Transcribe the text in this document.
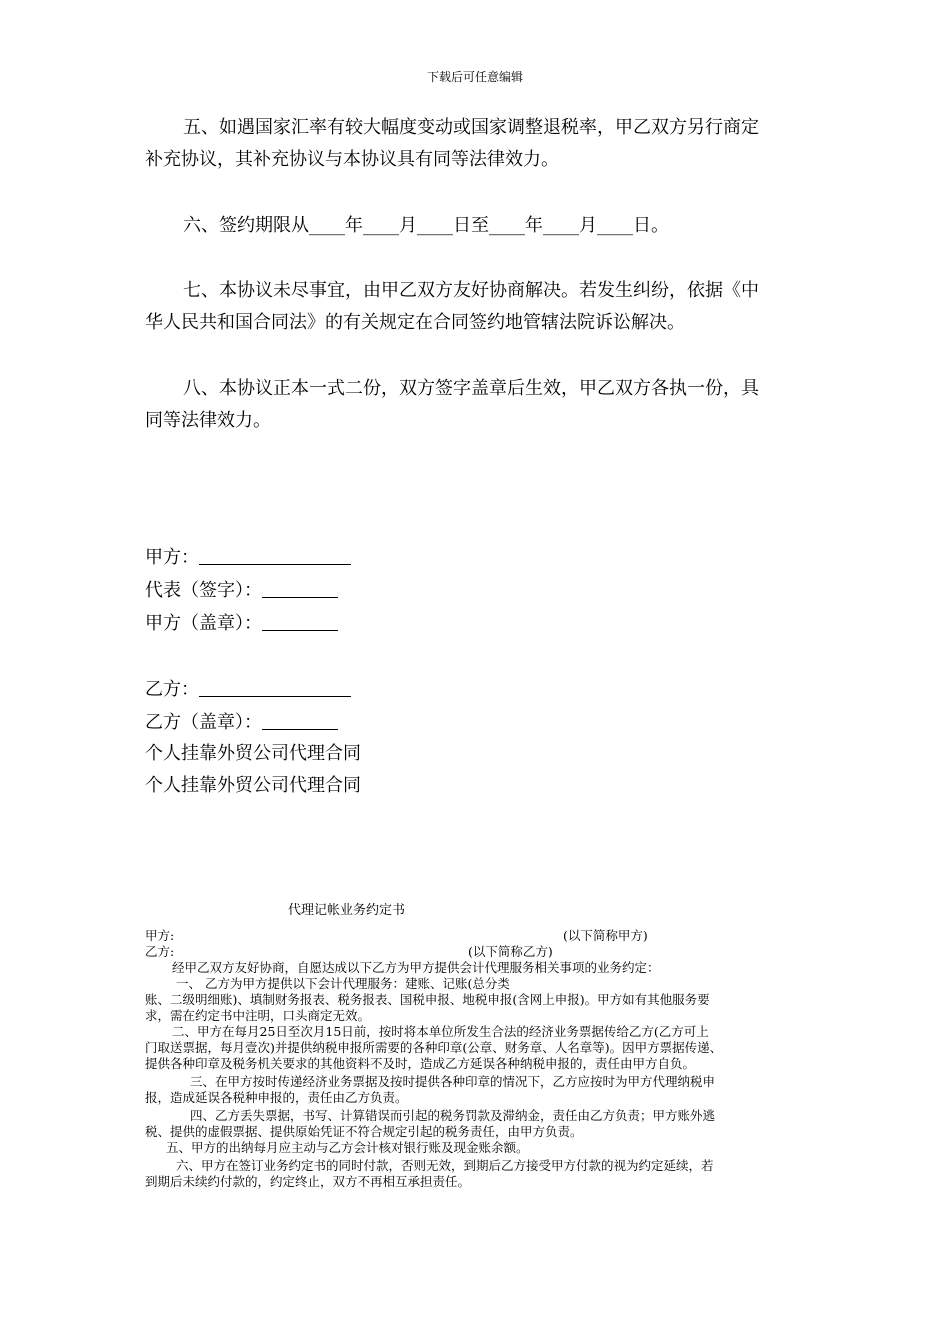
下载后可任意编辑
五、如遇国家汇率有较大幅度变动或国家调整退税率，甲乙双方另行商定
补充协议，其补充协议与本协议具有同等法律效力。
六、签约期限从____年____月____日至____年____月____日。
七、本协议未尽事宜，由甲乙双方友好协商解决。若发生纠纷，依据《中
华人民共和国合同法》的有关规定在合同签约地管辖法院诉讼解决。
八、本协议正本一式二份，双方签字盖章后生效，甲乙双方各执一份，具
同等法律效力。
甲方：
代表（签字）：
甲方（盖章）：
乙方：
乙方（盖章）：
个人挂靠外贸公司代理合同
个人挂靠外贸公司代理合同
代理记帐业务约定书
甲方:	(以下简称甲方)
乙方:	(以下简称乙方)
经甲乙双方友好协商，自愿达成以下乙方为甲方提供会计代理服务相关事项的业务约定：
一、 乙方为甲方提供以下会计代理服务：建账、记账(总分类
账、二级明细账)、填制财务报表、税务报表、国税申报、地税申报(含网上申报)。甲方如有其他服务要
求，需在约定书中注明，口头商定无效。
二、甲方在每月25日至次月15日前，按时将本单位所发生合法的经济业务票据传给乙方(乙方可上
门取送票据，每月壹次)并提供纳税申报所需要的各种印章(公章、财务章、人名章等)。因甲方票据传递、
提供各种印章及税务机关要求的其他资料不及时，造成乙方延误各种纳税申报的，责任由甲方自负。
三、在甲方按时传递经济业务票据及按时提供各种印章的情况下，乙方应按时为甲方代理纳税申
报，造成延误各税种申报的，责任由乙方负责。
四、乙方丢失票据，书写、计算错误而引起的税务罚款及滞纳金，责任由乙方负责；甲方账外逃
税、提供的虚假票据、提供原始凭证不符合规定引起的税务责任，由甲方负责。
五、甲方的出纳每月应主动与乙方会计核对银行账及现金账余额。
六、甲方在签订业务约定书的同时付款，否则无效，到期后乙方接受甲方付款的视为约定延续，若
到期后未续约付款的，约定终止，双方不再相互承担责任。
